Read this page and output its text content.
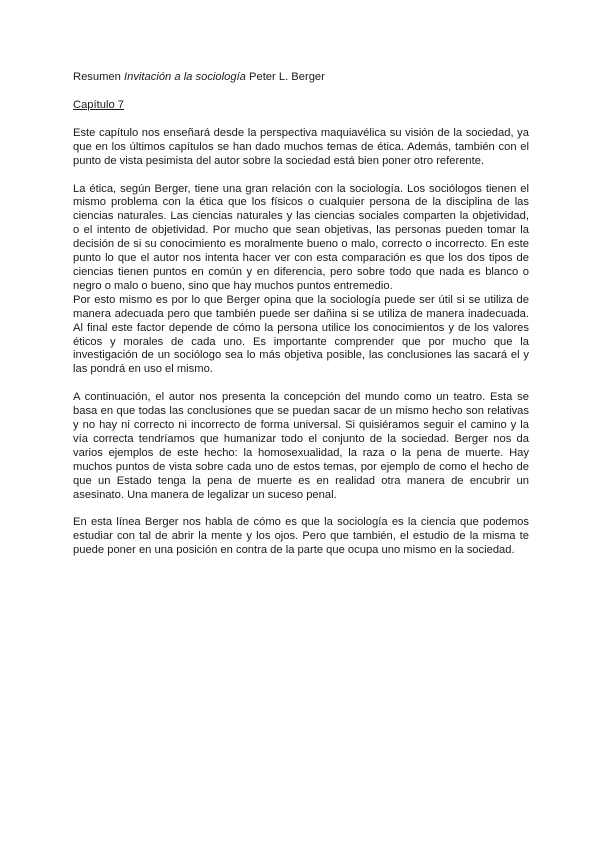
Resumen Invitación a la sociología Peter L. Berger
Capítulo 7

Este capítulo nos enseñará desde la perspectiva maquiavélica su visión de la sociedad, ya que en los últimos capítulos se han dado muchos temas de ética. Además, también con el punto de vista pesimista del autor sobre la sociedad está bien poner otro referente.

La ética, según Berger, tiene una gran relación con la sociología. Los sociólogos tienen el mismo problema con la ética que los físicos o cualquier persona de la disciplina de las ciencias naturales. Las ciencias naturales y las ciencias sociales comparten la objetividad, o el intento de objetividad. Por mucho que sean objetivas, las personas pueden tomar la decisión de si su conocimiento es moralmente bueno o malo, correcto o incorrecto. En este punto lo que el autor nos intenta hacer ver con esta comparación es que los dos tipos de ciencias tienen puntos en común y en diferencia, pero sobre todo que nada es blanco o negro o malo o bueno, sino que hay muchos puntos entremedio.

Por esto mismo es por lo que Berger opina que la sociología puede ser útil si se utiliza de manera adecuada pero que también puede ser dañina si se utiliza de manera inadecuada. Al final este factor depende de cómo la persona utilice los conocimientos y de los valores éticos y morales de cada uno. Es importante comprender que por mucho que la investigación de un sociólogo sea lo más objetiva posible, las conclusiones las sacará el y las pondrá en uso el mismo.

A continuación, el autor nos presenta la concepción del mundo como un teatro. Esta se basa en que todas las conclusiones que se puedan sacar de un mismo hecho son relativas y no hay ni correcto ni incorrecto de forma universal. Si quisiéramos seguir el camino y la vía correcta tendríamos que humanizar todo el conjunto de la sociedad. Berger nos da varios ejemplos de este hecho: la homosexualidad, la raza o la pena de muerte. Hay muchos puntos de vista sobre cada uno de estos temas, por ejemplo de como el hecho de que un Estado tenga la pena de muerte es en realidad otra manera de encubrir un asesinato. Una manera de legalizar un suceso penal.

En esta línea Berger nos habla de cómo es que la sociología es la ciencia que podemos estudiar con tal de abrir la mente y los ojos. Pero que también, el estudio de la misma te puede poner en una posición en contra de la parte que ocupa uno mismo en la sociedad.
